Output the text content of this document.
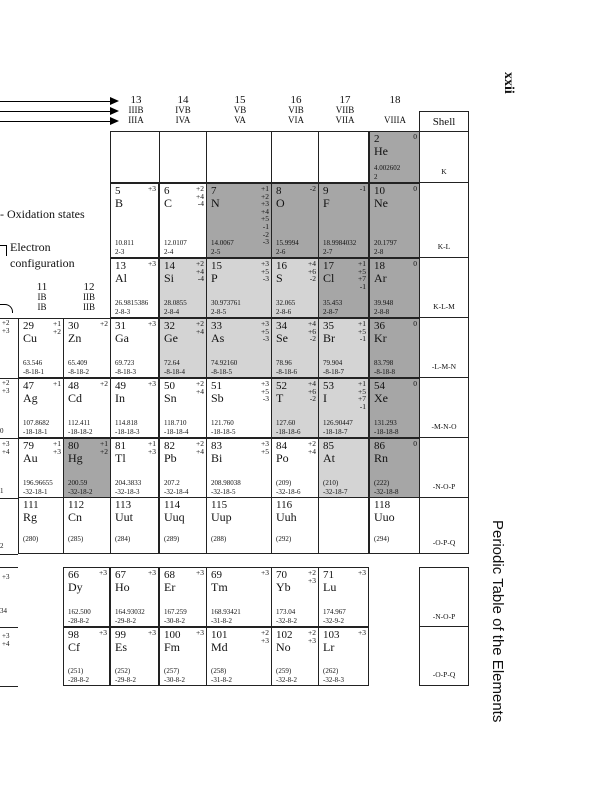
xxii
Periodic Table of the Elements
13
IIIB
IIIA
14
IVB
IVA
15
VB
VA
16
VIB
VIA
17
VIIB
VIIA
18
VIIIA
11
IB
IB
12
IIB
IIB
- Oxidation states
Electron
configuration
+2
+3
+2
+3
0
+3
+4
1
2
+3
34
+3
+4
Shell
K
K-L
K-L-M
-L-M-N
-M-N-O
-N-O-P
-O-P-Q
-N-O-P
-O-P-Q
2
He
0
4.002602
2
5
B
+3
10.811
2-3
6
C
+2
+4
-4
12.0107
2-4
7
N
+1
+2
+3
+4
+5
-1
-2
-3
14.0067
2-5
8
O
-2
15.9994
2-6
9
F
-1
18.9984032
2-7
10
Ne
0
20.1797
2-8
13
Al
+3
26.9815386
2-8-3
14
Si
+2
+4
-4
28.0855
2-8-4
15
P
+3
+5
-3
30.973761
2-8-5
16
S
+4
+6
-2
32.065
2-8-6
17
Cl
+1
+5
+7
-1
35.453
2-8-7
18
Ar
0
39.948
2-8-8
29
Cu
+1
+2
63.546
-8-18-1
30
Zn
+2
65.409
-8-18-2
31
Ga
+3
69.723
-8-18-3
32
Ge
+2
+4
72.64
-8-18-4
33
As
+3
+5
-3
74.92160
-8-18-5
34
Se
+4
+6
-2
78.96
-8-18-6
35
Br
+1
+5
-1
79.904
-8-18-7
36
Kr
0
83.798
-8-18-8
47
Ag
+1
107.8682
-18-18-1
48
Cd
+2
112.411
-18-18-2
49
In
+3
114.818
-18-18-3
50
Sn
+2
+4
118.710
-18-18-4
51
Sb
+3
+5
-3
121.760
-18-18-5
52
T
+4
+6
-2
127.60
-18-18-6
53
I
+1
+5
+7
-1
126.90447
-18-18-7
54
Xe
0
131.293
-18-18-8
79
Au
+1
+3
196.96655
-32-18-1
80
Hg
+1
+2
200.59
-32-18-2
81
Tl
+1
+3
204.3833
-32-18-3
82
Pb
+2
+4
207.2
-32-18-4
83
Bi
+3
+5
208.98038
-32-18-5
84
Po
+2
+4
(209)
-32-18-6
85
At
(210)
-32-18-7
86
Rn
0
(222)
-32-18-8
111
Rg
(280)
112
Cn
(285)
113
Uut
(284)
114
Uuq
(289)
115
Uup
(288)
116
Uuh
(292)
118
Uuo
(294)
66
Dy
+3
162.500
-28-8-2
67
Ho
+3
164.93032
-29-8-2
68
Er
+3
167.259
-30-8-2
69
Tm
+3
168.93421
-31-8-2
70
Yb
+2
+3
173.04
-32-8-2
71
Lu
+3
174.967
-32-9-2
98
Cf
+3
(251)
-28-8-2
99
Es
+3
(252)
-29-8-2
100
Fm
+3
(257)
-30-8-2
101
Md
+2
+3
(258)
-31-8-2
102
No
+2
+3
(259)
-32-8-2
103
Lr
+3
(262)
-32-8-3
